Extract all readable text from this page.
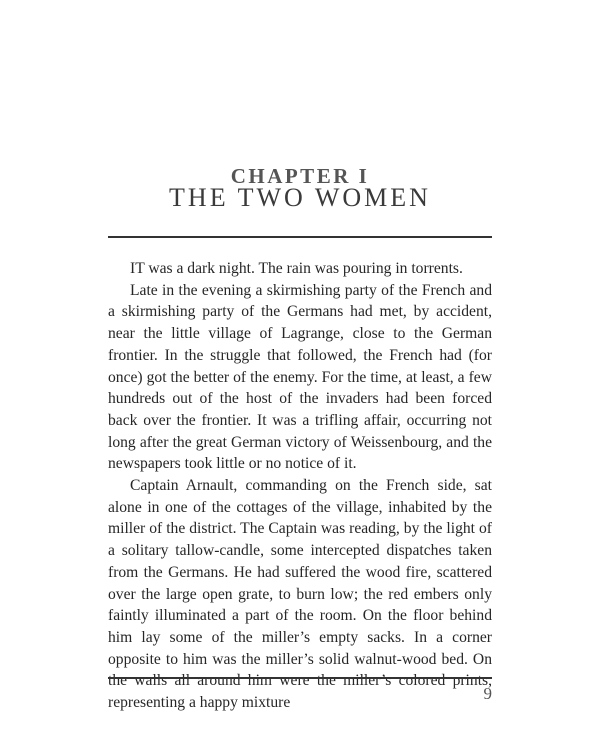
CHAPTER I
THE TWO WOMEN

IT was a dark night. The rain was pouring in torrents.

Late in the evening a skirmishing party of the French and a skirmishing party of the Germans had met, by accident, near the little village of Lagrange, close to the German frontier. In the struggle that followed, the French had (for once) got the better of the enemy. For the time, at least, a few hundreds out of the host of the invaders had been forced back over the frontier. It was a trifling affair, occurring not long after the great German victory of Weissenbourg, and the newspapers took little or no notice of it.

Captain Arnault, commanding on the French side, sat alone in one of the cottages of the village, inhabited by the miller of the district. The Captain was reading, by the light of a solitary tallow-candle, some intercepted dispatches taken from the Germans. He had suffered the wood fire, scattered over the large open grate, to burn low; the red embers only faintly illuminated a part of the room. On the floor behind him lay some of the miller’s empty sacks. In a corner opposite to him was the miller’s solid walnut-wood bed. On the walls all around him were the miller’s colored prints, representing a happy mixture	9
